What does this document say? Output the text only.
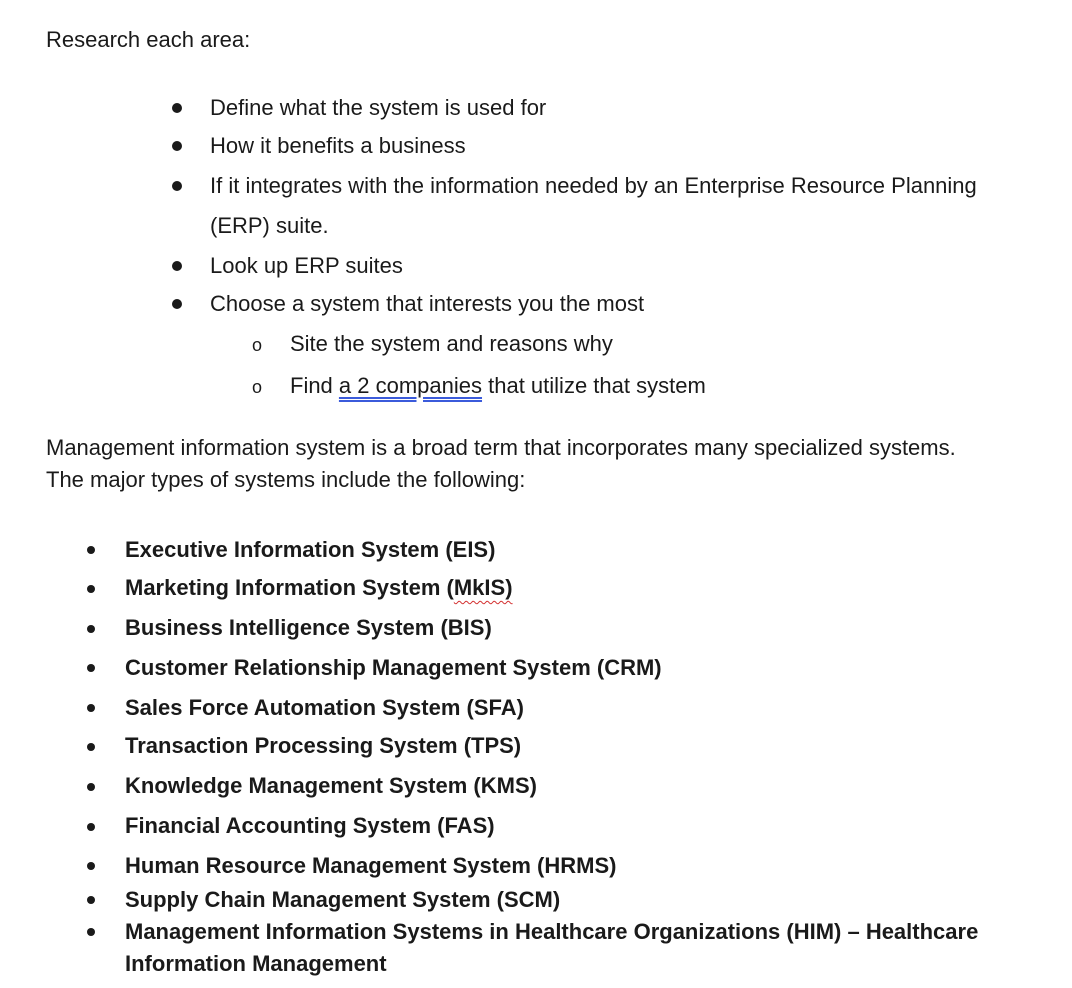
Research each area:
Define what the system is used for
How it benefits a business
If it integrates with the information needed by an Enterprise Resource Planning
(ERP) suite.
Look up ERP suites
Choose a system that interests you the most
o Site the system and reasons why
o Find a 2 companies that utilize that system
Management information system is a broad term that incorporates many specialized systems.
The major types of systems include the following:
Executive Information System (EIS)
Marketing Information System (MkIS)
Business Intelligence System (BIS)
Customer Relationship Management System (CRM)
Sales Force Automation System (SFA)
Transaction Processing System (TPS)
Knowledge Management System (KMS)
Financial Accounting System (FAS)
Human Resource Management System (HRMS)
Supply Chain Management System (SCM)
Management Information Systems in Healthcare Organizations (HIM) – Healthcare
Information Management
